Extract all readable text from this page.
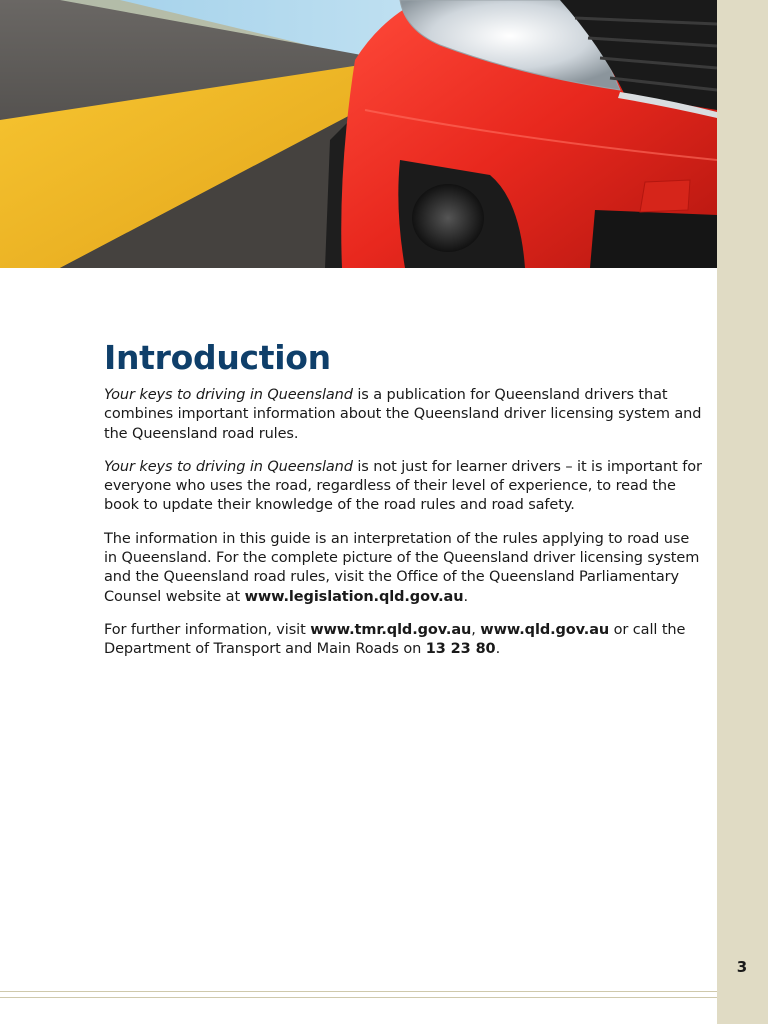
Introduction

Your keys to driving in Queensland is a publication for Queensland drivers that combines important information about the Queensland driver licensing system and the Queensland road rules.

Your keys to driving in Queensland is not just for learner drivers – it is important for everyone who uses the road, regardless of their level of experience, to read the book to update their knowledge of the road rules and road safety.

The information in this guide is an interpretation of the rules applying to road use in Queensland. For the complete picture of the Queensland driver licensing system and the Queensland road rules, visit the Office of the Queensland Parliamentary Counsel website at www.legislation.qld.gov.au.

For further information, visit www.tmr.qld.gov.au, www.qld.gov.au or call the Department of Transport and Main Roads on 13 23 80.

3
